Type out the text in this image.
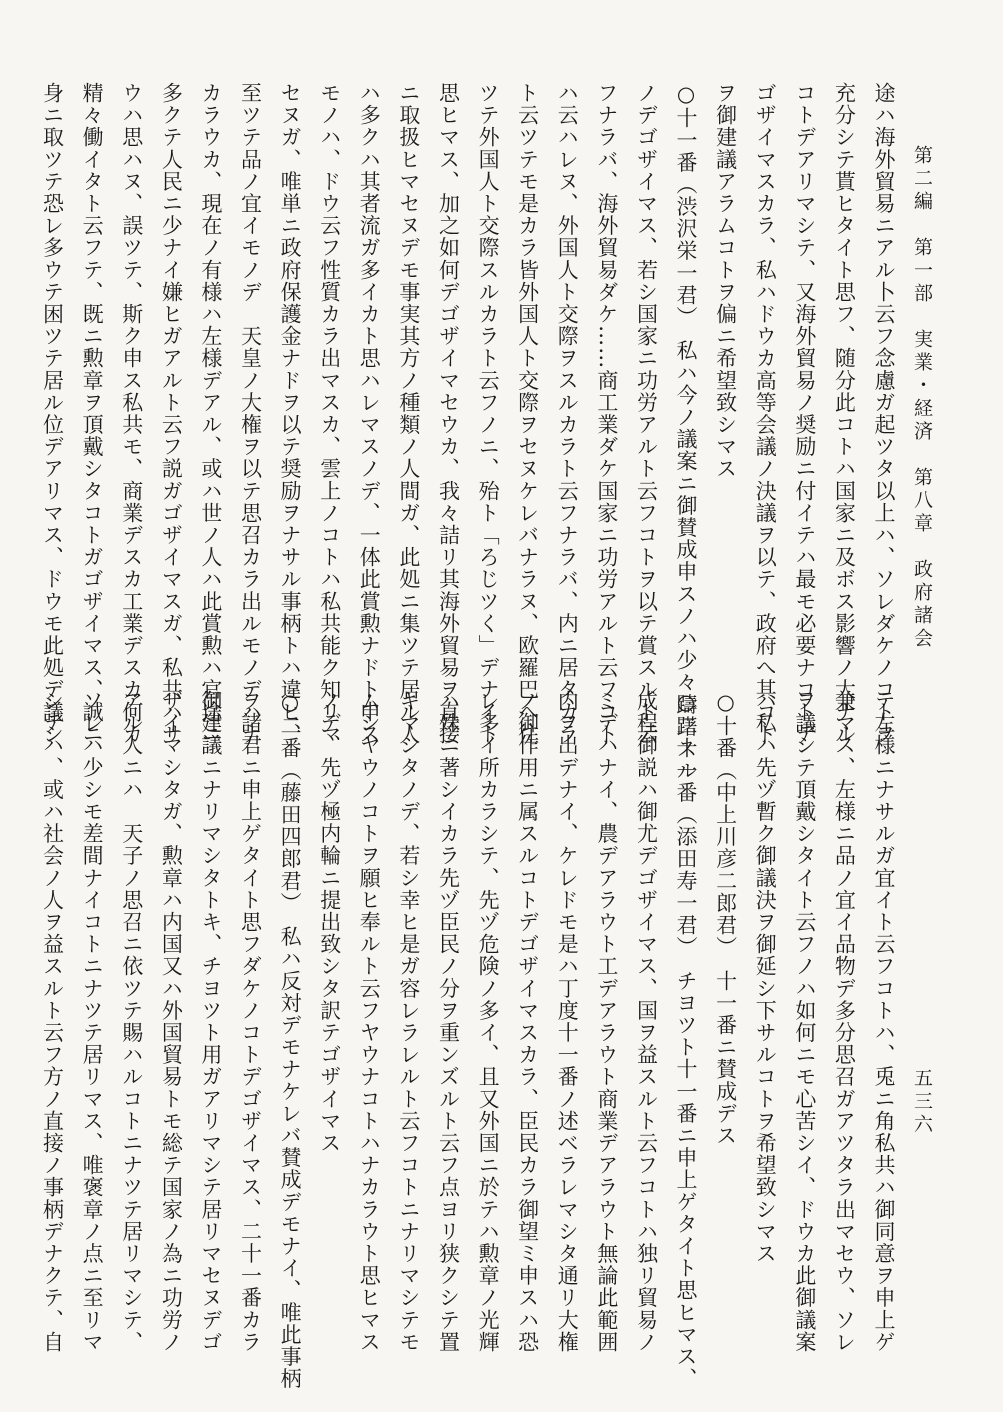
第二編　第一部　実業・経済　第八章　政府諸会
五三六
途ハ海外貿易ニアル卜云フ念慮ガ起ツタ以上ハ、ソレダケノコトヲ
充分シテ貰ヒタイト思フ、随分此コトハ国家ニ及ボス影響ノ大ナル
コトデアリマシテ、又海外貿易ノ奨励ニ付イテハ最モ必要ナコトデ
ゴザイマスカラ、私ハドウカ高等会議ノ決議ヲ以テ、政府へ其コト
ヲ御建議アラムコトヲ偏ニ希望致シマス
○十一番（渋沢栄一君）　私ハ今ノ議案ニ御賛成申スノハ少々躊躇スル
ノデゴザイマス、若シ国家ニ功労アルト云フコトヲ以テ賞スルト云
フナラバ、海外貿易ダケ……商工業ダケ国家ニ功労アルト云フコト
ハ云ハレヌ、外国人ト交際ヲスルカラト云フナラバ、内ニ居タカラ
ト云ツテモ是カラ皆外国人ト交際ヲセヌケレバナラヌ、欧羅巴へ往
ツテ外国人ト交際スルカラト云フノニ、殆ト「ろじツく」デナイト
思ヒマス、加之如何デゴザイマセウカ、我々詰リ其海外貿易ヲ直接
ニ取扱ヒマセヌデモ事実其方ノ種類ノ人間ガ、此処ニ集ツテ居ル人
ハ多クハ其者流ガ多イカト思ハレマスノデ、一体此賞勲ナドト申ス
モノハ、ドウ云フ性質カラ出マスカ、雲上ノコトハ私共能ク知リマ
セヌガ、唯単ニ政府保護金ナドヲ以テ奨励ヲナサル事柄トハ違ヒ、
至ツテ品ノ宜イモノデ　天皇ノ大権ヲ以テ思召カラ出ルモノデハナ
カラウカ、現在ノ有様ハ左様デアル、或ハ世ノ人ハ此賞勲ハ官途ニ
多クテ人民ニ少ナイ嫌ヒガアルト云フ説ガゴザイマスガ、私共ハサ
ウハ思ハヌ、誤ツテ、斯ク申ス私共モ、商業デスカ工業デスカ何カ
精々働イタト云フテ、既ニ勲章ヲ頂戴シタコトガゴザイマス、誠ニ
身ニ取ツテ恐レ多ウテ困ツテ居ル位デアリマス、ドウモ此処デ議シ
テ左様ニナサルガ宜イト云フコトハ、兎ニ角私共ハ御同意ヲ申上ゲ
兼マス、左様ニ品ノ宜イ品物デ多分思召ガアツタラ出マセウ、ソレ
ヲ議シテ頂戴シタイト云フノハ如何ニモ心苦シイ、ドウカ此御議案
ハ私ハ先ヅ暫ク御議決ヲ御延シ下サルコトヲ希望致シマス
○十番（中上川彦二郎君）　十一番ニ賛成デス
○二十一番（添田寿一君）　チヨツト十一番ニ申上ゲタイト思ヒマス、
成程御説ハ御尤デゴザイマス、国ヲ益スルト云フコトハ独リ貿易ノ
ミデハナイ、農デアラウト工デアラウト商業デアラウト無論此範囲
内ヲ出デナイ、ケレドモ是ハ丁度十一番ノ述ベラレマシタ通リ大権
ノ御作用ニ属スルコトデゴザイマスカラ、臣民カラ御望ミ申スハ恐
レ多イ所カラシテ、先ヅ危険ノ多イ、且又外国ニ於テハ勲章ノ光輝
ハ殊ニ著シイカラ先ヅ臣民ノ分ヲ重ンズルト云フ点ヨリ狭クシテ置
キマシタノデ、若シ幸ヒ是ガ容レラレルト云フコトニナリマシテモ
ムシヤウノコトヲ願ヒ奉ルト云フヤウナコトハナカラウト思ヒマス
ノデ、先ヅ極内輪ニ提出致シタ訳テゴザイマス
○二番（藤田四郎君）　私ハ反対デモナケレバ賛成デモナイ、唯此事柄
ヲ諸君ニ申上ゲタイト思フダケノコトデゴザイマス、二十一番カラ
御建議ニナリマシタトキ、チヨツト用ガアリマシテ居リマセヌデゴ
ザイマシタガ、勲章ハ内国又ハ外国貿易トモ総テ国家ノ為ニ功労ノ
アル人ニハ　天子ノ思召ニ依ツテ賜ハルコトニナツテ居リマシテ、
ソレハ少シモ差間ナイコトニナツテ居リマス、唯褒章ノ点ニ至リマ
シテハ、或ハ社会ノ人ヲ益スルト云フ方ノ直接ノ事柄デナクテ、自
